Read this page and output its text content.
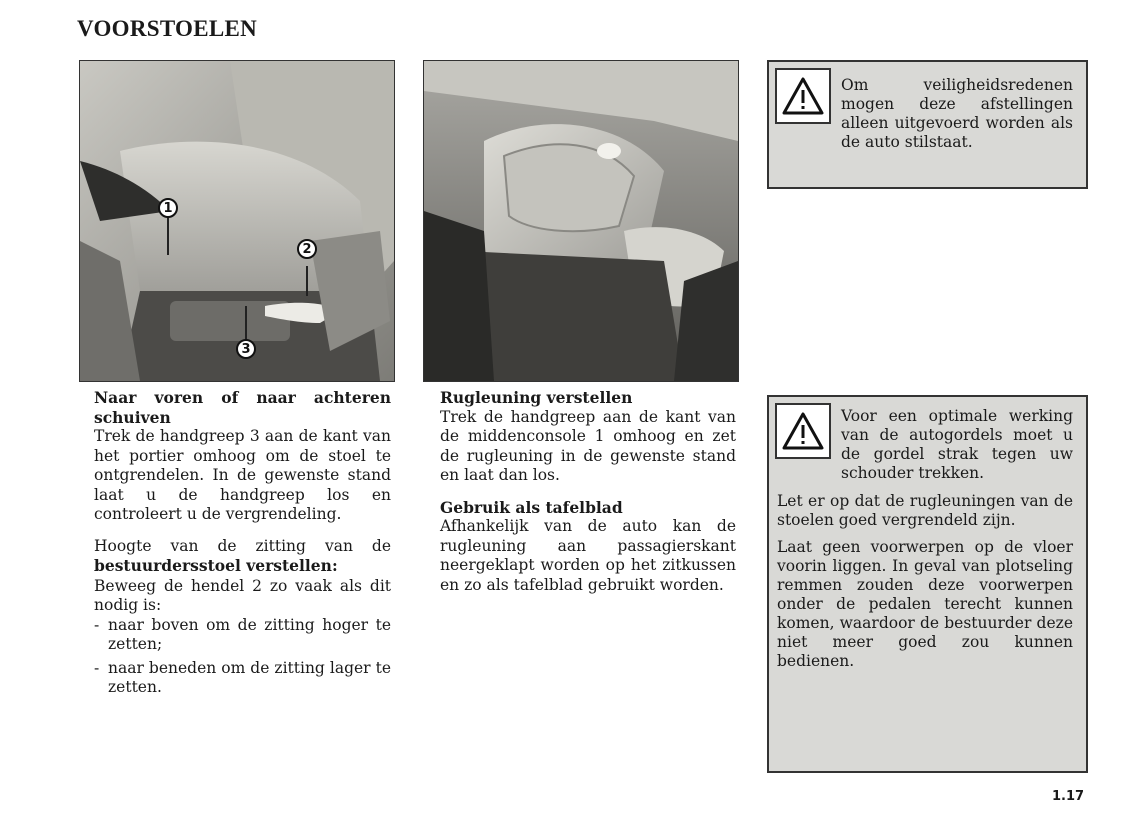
VOORSTOELEN
1
2
3

Naar voren of naar achteren schuiven

Trek de handgreep 3 aan de kant van het portier omhoog om de stoel te ontgrendelen. In de gewenste stand laat u de handgreep los en controleert u de vergrendeling.

Hoogte van de zitting van de bestuurdersstoel verstellen:

Beweeg de hendel 2 zo vaak als dit nodig is:

- naar boven om de zitting hoger te zetten;
- naar beneden om de zitting lager te zetten.

Rugleuning verstellen

Trek de handgreep aan de kant van de middenconsole 1 omhoog en zet de rugleuning in de gewenste stand en laat dan los.

Gebruik als tafelblad

Afhankelijk van de auto kan de rugleuning aan passagierskant neergeklapt worden op het zitkussen en zo als tafelblad gebruikt worden.

Om veiligheidsredenen mogen deze afstellingen alleen uitgevoerd worden als de auto stilstaat.
Voor een optimale werking van de autogordels moet u de gordel strak tegen uw schouder trekken.
Let er op dat de rugleuningen van de stoelen goed vergrendeld zijn.
Laat geen voorwerpen op de vloer voorin liggen. In geval van plotseling remmen zouden deze voorwerpen onder de pedalen terecht kunnen komen, waardoor de bestuurder deze niet meer goed zou kunnen bedienen.
1.17
